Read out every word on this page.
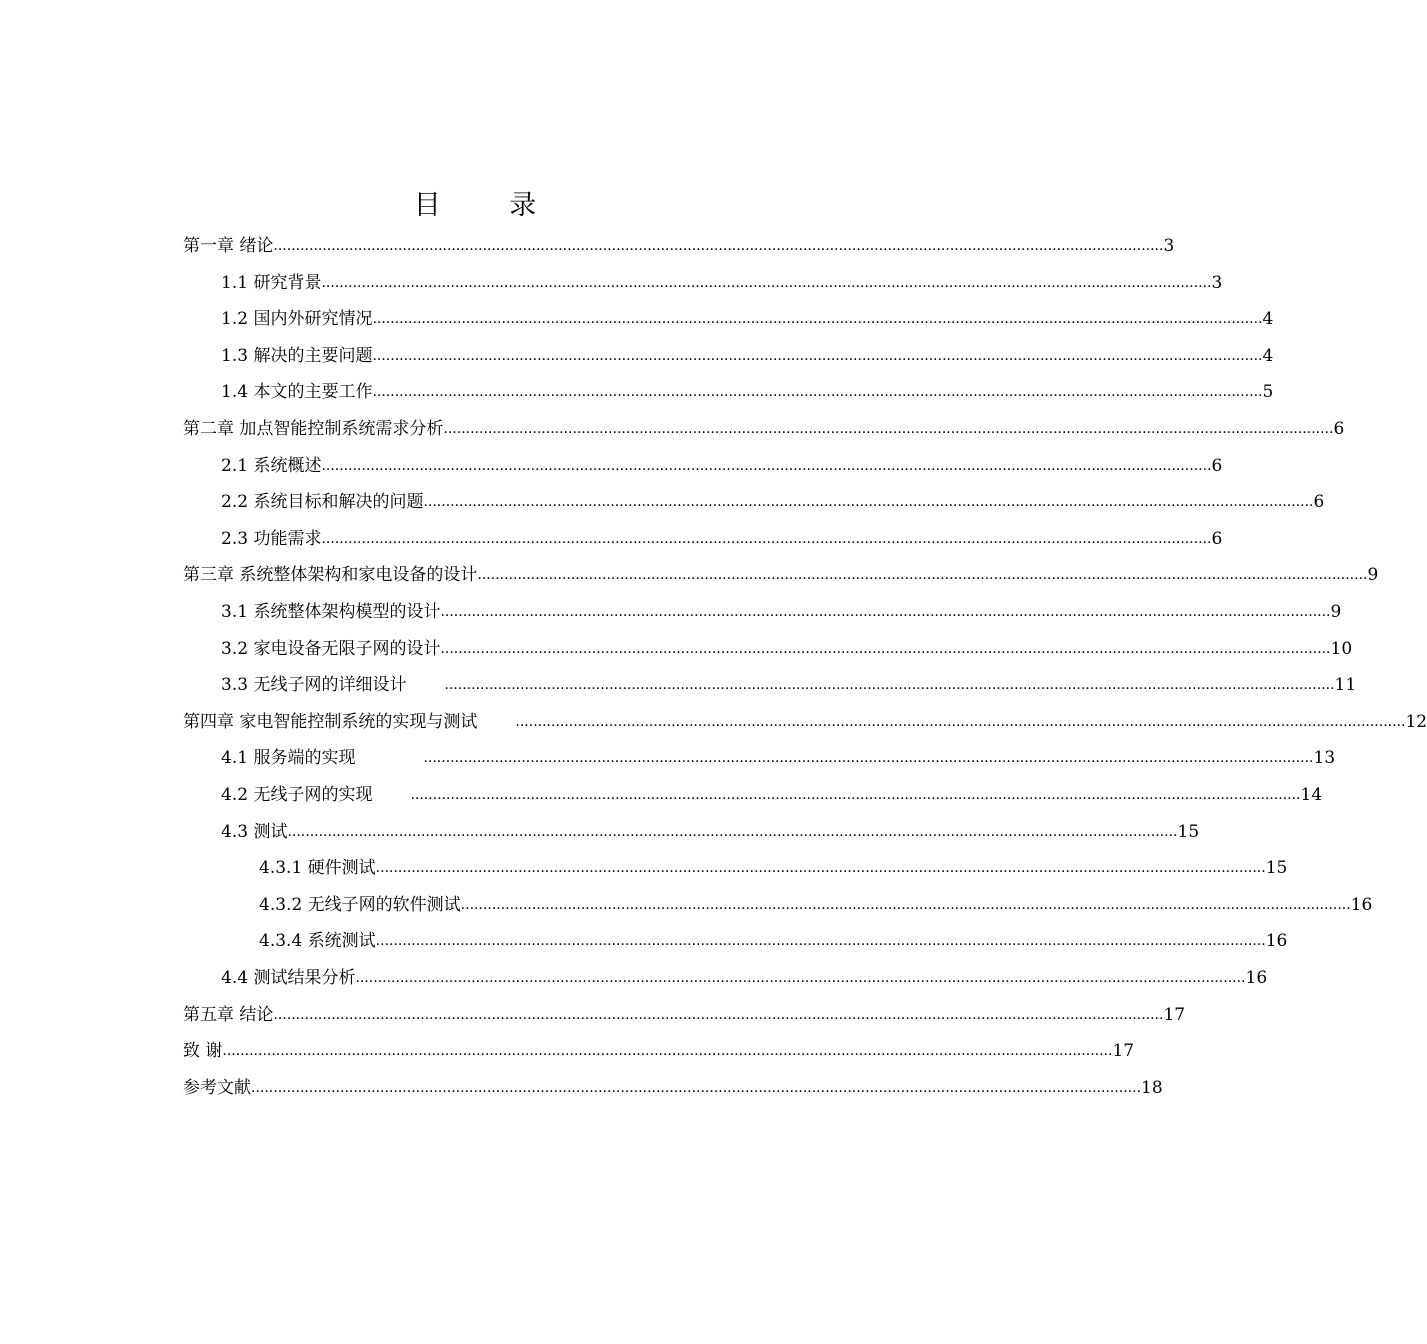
目 录
第一章 绪论 ........................................................................................................................................................................................................ 3
1.1 研究背景 ........................................................................................................................................................................................................ 3
1.2 国内外研究情况 ........................................................................................................................................................................................................ 4
1.3 解决的主要问题 ........................................................................................................................................................................................................ 4
1.4 本文的主要工作 ........................................................................................................................................................................................................ 5
第二章 加点智能控制系统需求分析 ........................................................................................................................................................................................................ 6
2.1 系统概述 ........................................................................................................................................................................................................ 6
2.2 系统目标和解决的问题 ........................................................................................................................................................................................................ 6
2.3 功能需求 ........................................................................................................................................................................................................ 6
第三章 系统整体架构和家电设备的设计 ........................................................................................................................................................................................................ 9
3.1 系统整体架构模型的设计 ........................................................................................................................................................................................................ 9
3.2 家电设备无限子网的设计 ........................................................................................................................................................................................................ 10
3.3 无线子网的详细设计	........................................................................................................................................................................................................ 11
第四章 家电智能控制系统的实现与测试	........................................................................................................................................................................................................ 12
4.1 服务端的实现	........................................................................................................................................................................................................ 13
4.2 无线子网的实现	........................................................................................................................................................................................................ 14
4.3 测试 ........................................................................................................................................................................................................ 15
4.3.1 硬件测试 ........................................................................................................................................................................................................ 15
4.3.2 无线子网的软件测试 ........................................................................................................................................................................................................ 16
4.3.4 系统测试 ........................................................................................................................................................................................................ 16
4.4 测试结果分析 ........................................................................................................................................................................................................ 16
第五章 结论 ........................................................................................................................................................................................................ 17
致 谢 ........................................................................................................................................................................................................ 17
参考文献 ........................................................................................................................................................................................................ 18
